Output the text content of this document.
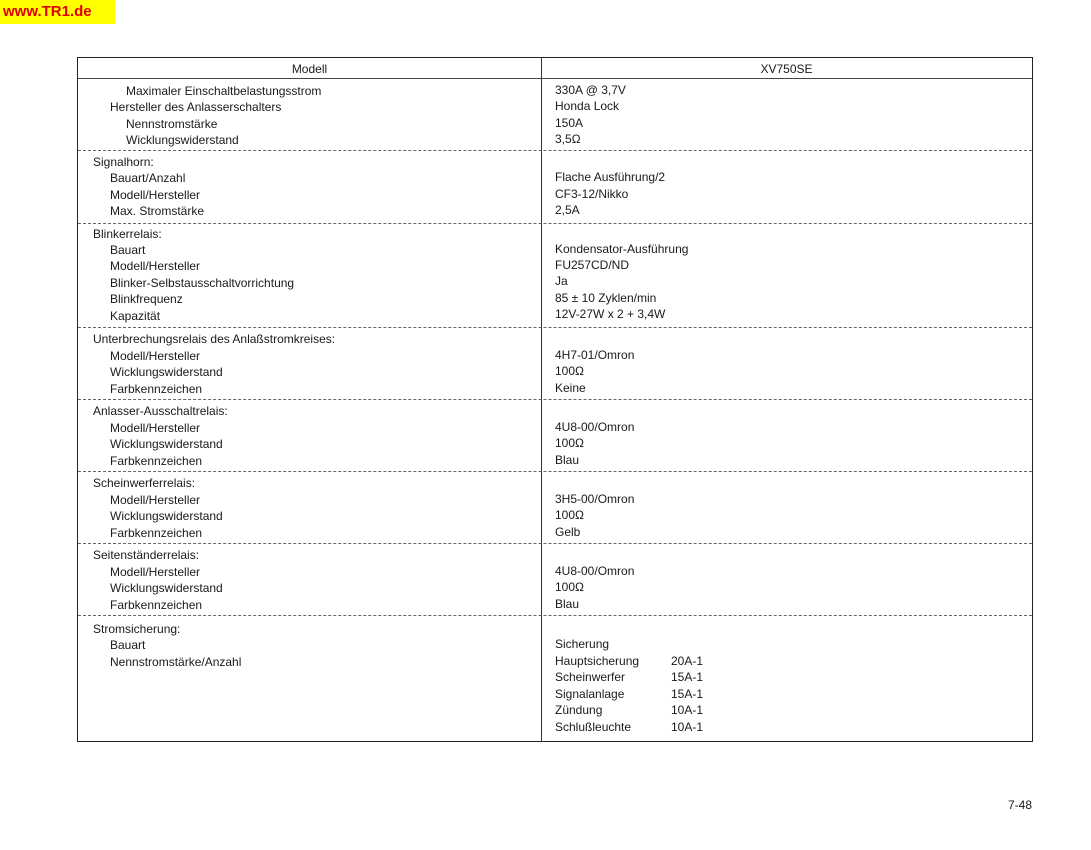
www.TR1.de
Modell	XV750SE
Maximaler Einschaltbelastungsstrom	330A @ 3,7V
Hersteller des Anlasserschalters	Honda Lock
Nennstromstärke	150A
Wicklungswiderstand	3,5Ω
Signalhorn:
Bauart/Anzahl	Flache Ausführung/2
Modell/Hersteller	CF3-12/Nikko
Max. Stromstärke	2,5A
Blinkerrelais:
Bauart	Kondensator-Ausführung
Modell/Hersteller	FU257CD/ND
Blinker-Selbstausschaltvorrichtung	Ja
Blinkfrequenz	85 ± 10 Zyklen/min
Kapazität	12V-27W x 2 + 3,4W
Unterbrechungsrelais des Anlaßstromkreises:
Modell/Hersteller	4H7-01/Omron
Wicklungswiderstand	100Ω
Farbkennzeichen	Keine
Anlasser-Ausschaltrelais:
Modell/Hersteller	4U8-00/Omron
Wicklungswiderstand	100Ω
Farbkennzeichen	Blau
Scheinwerferrelais:
Modell/Hersteller	3H5-00/Omron
Wicklungswiderstand	100Ω
Farbkennzeichen	Gelb
Seitenständerrelais:
Modell/Hersteller	4U8-00/Omron
Wicklungswiderstand	100Ω
Farbkennzeichen	Blau
Stromsicherung:
Bauart	Sicherung
Nennstromstärke/Anzahl	Hauptsicherung	20A-1
Scheinwerfer	15A-1
Signalanlage	15A-1
Zündung	10A-1
Schlußleuchte	10A-1
7-48
